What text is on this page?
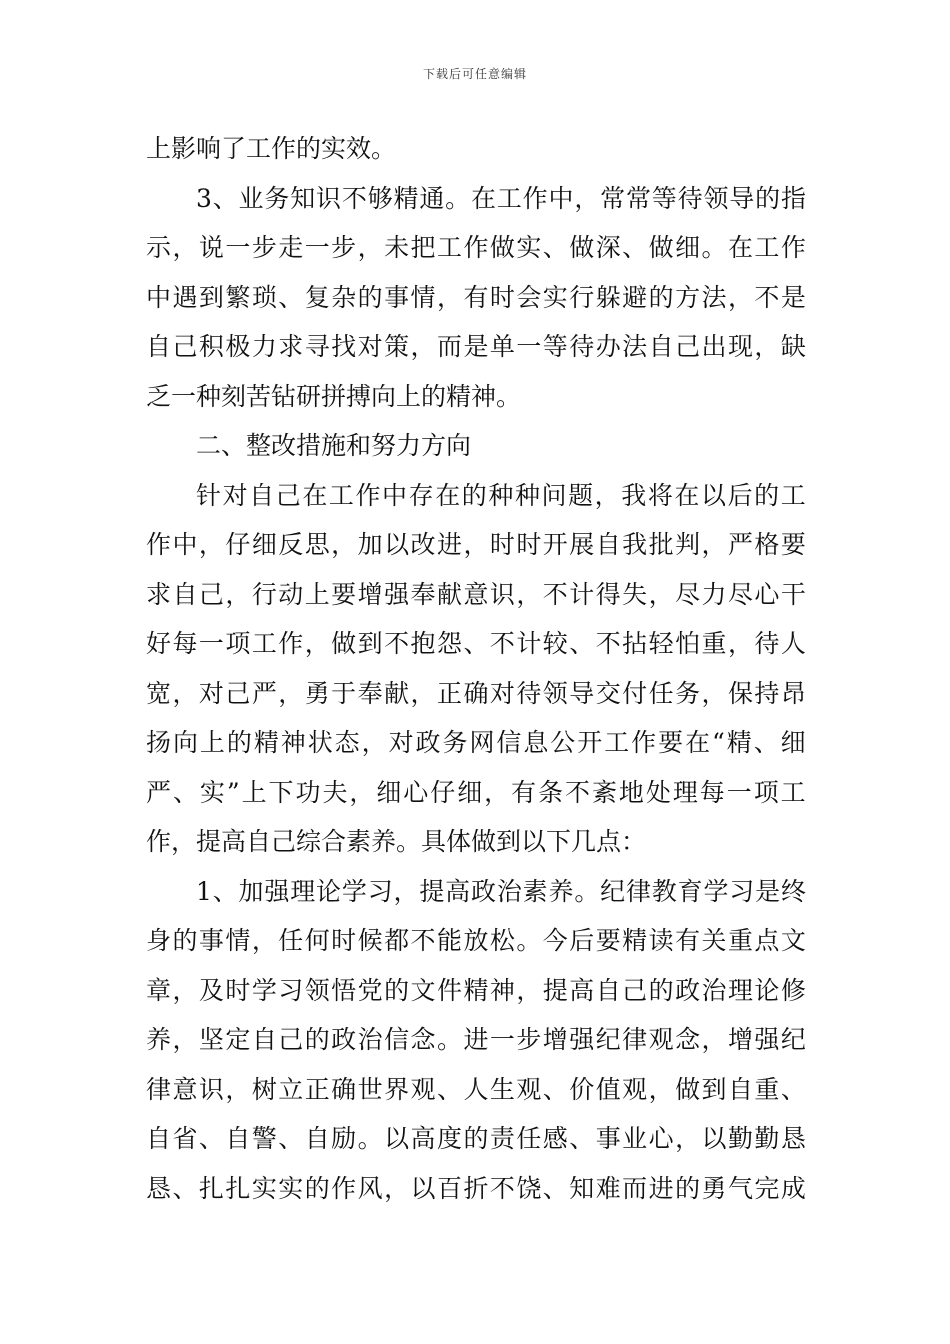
下载后可任意编辑
上影响了工作的实效。
3 、 业 务 知 识 不 够 精 通 。 在 工 作 中 ， 常 常 等 待 领 导 的 指
示 ， 说 一 步 走 一 步 ， 未 把 工 作 做 实 、 做 深 、 做 细 。 在 工 作
中 遇 到 繁 琐 、 复 杂 的 事 情 ， 有 时 会 实 行 躲 避 的 方 法 ， 不 是
自 己 积 极 力 求 寻 找 对 策 ， 而 是 单 一 等 待 办 法 自 己 出 现 ， 缺
乏一种刻苦钻研拼搏向上的精神。
二、整改措施和努力方向
针 对 自 己 在 工 作 中 存 在 的 种 种 问 题 ， 我 将 在 以 后 的 工
作 中 ， 仔 细 反 思 ， 加 以 改 进 ， 时 时 开 展 自 我 批 判 ， 严 格 要
求 自 己 ， 行 动 上 要 增 强 奉 献 意 识 ， 不 计 得 失 ， 尽 力 尽 心 干
好 每 一 项 工 作 ， 做 到 不 抱 怨 、 不 计 较 、 不 拈 轻 怕 重 ， 待 人
宽 ， 对 己 严 ， 勇 于 奉 献 ， 正 确 对 待 领 导 交 付 任 务 ， 保 持 昂
扬 向 上 的 精 神 状 态 ， 对 政 务 网 信 息 公 开 工 作 要 在 “ 精 、 细
严 、 实 ” 上 下 功 夫 ， 细 心 仔 细 ， 有 条 不 紊 地 处 理 每 一 项 工
作，提高自己综合素养。具体做到以下几点：
1 、 加 强 理 论 学 习 ， 提 高 政 治 素 养 。 纪 律 教 育 学 习 是 终
身 的 事 情 ， 任 何 时 候 都 不 能 放 松 。 今 后 要 精 读 有 关 重 点 文
章 ， 及 时 学 习 领 悟 党 的 文 件 精 神 ， 提 高 自 己 的 政 治 理 论 修
养 ， 坚 定 自 己 的 政 治 信 念 。 进 一 步 增 强 纪 律 观 念 ， 增 强 纪
律 意 识 ， 树 立 正 确 世 界 观 、 人 生 观 、 价 值 观 ， 做 到 自 重 、
自 省 、 自 警 、 自 励 。 以 高 度 的 责 任 感 、 事 业 心 ， 以 勤 勤 恳
恳 、 扎 扎 实 实 的 作 风 ， 以 百 折 不 饶 、 知 难 而 进 的 勇 气 完 成
